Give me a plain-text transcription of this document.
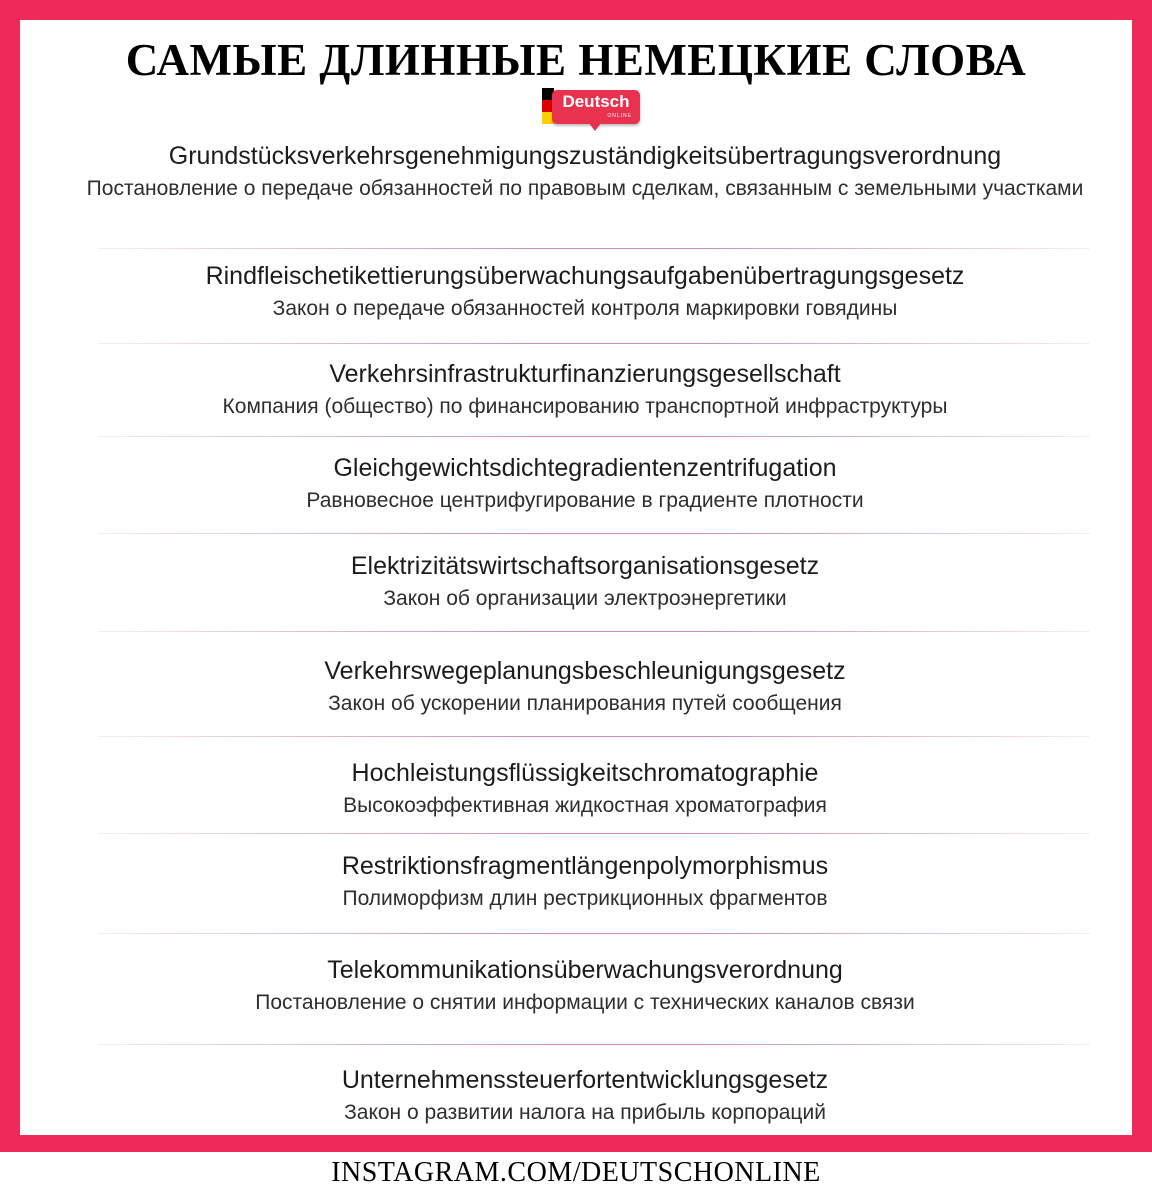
САМЫЕ ДЛИННЫЕ НЕМЕЦКИЕ СЛОВА
Deutsch
ONLINE
Grundstücksverkehrsgenehmigungszuständigkeitsübertragungsverordnung
Постановление о передаче обязанностей по правовым сделкам, связанным с земельными участками
Rindfleischetikettierungsüberwachungsaufgabenübertragungsgesetz
Закон о передаче обязанностей контроля маркировки говядины
Verkehrsinfrastrukturfinanzierungsgesellschaft
Компания (общество) по финансированию транспортной инфраструктуры
Gleichgewichtsdichtegradientenzentrifugation
Равновесное центрифугирование в градиенте плотности
Elektrizitätswirtschaftsorganisationsgesetz
Закон об организации электроэнергетики
Verkehrswegeplanungsbeschleunigungsgesetz
Закон об ускорении планирования путей сообщения
Hochleistungsflüssigkeitschromatographie
Высокоэффективная жидкостная хроматография
Restriktionsfragmentlängenpolymorphismus
Полиморфизм длин рестрикционных фрагментов
Telekommunikationsüberwachungsverordnung
Постановление о снятии информации с технических каналов связи
Unternehmenssteuerfortentwicklungsgesetz
Закон о развитии налога на прибыль корпораций
INSTAGRAM.COM/DEUTSCHONLINE
